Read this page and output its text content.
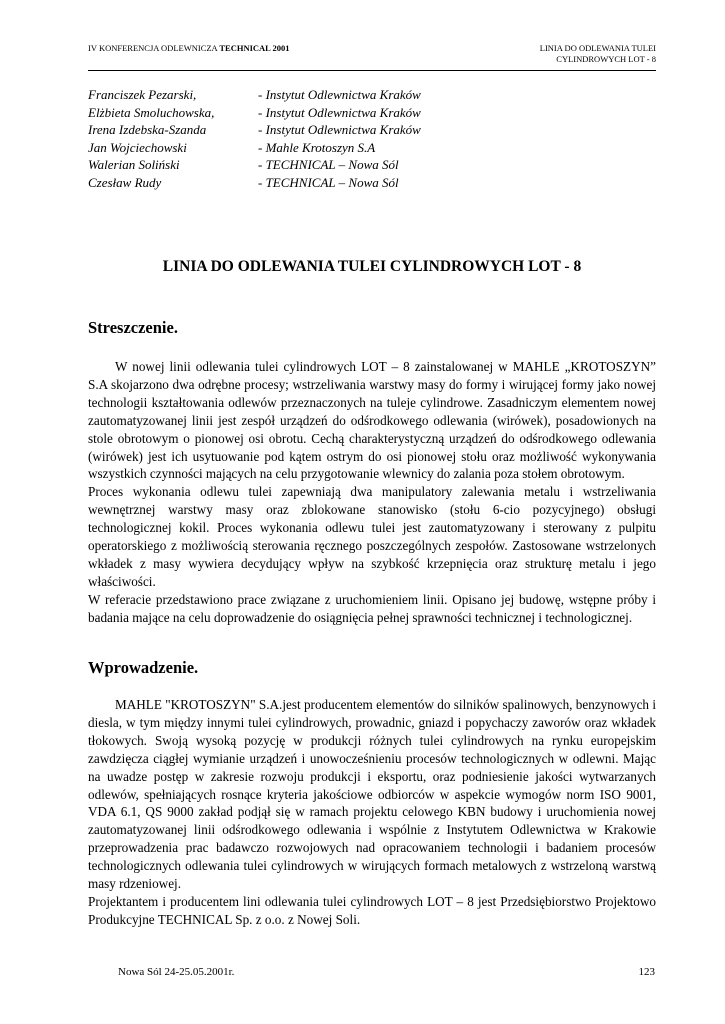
IV KONFERENCJA ODLEWNICZA TECHNICAL 2001	LINIA DO ODLEWANIA TULEI
CYLINDROWYCH LOT - 8
Franciszek Pezarski,	- Instytut Odlewnictwa Kraków
Elżbieta Smoluchowska,	- Instytut Odlewnictwa Kraków
Irena Izdebska-Szanda	- Instytut Odlewnictwa Kraków
Jan Wojciechowski	- Mahle Krotoszyn S.A
Walerian Soliński	- TECHNICAL – Nowa Sól
Czesław Rudy	- TECHNICAL – Nowa Sól
LINIA DO ODLEWANIA TULEI CYLINDROWYCH LOT - 8
Streszczenie.
W nowej linii odlewania tulei cylindrowych LOT – 8 zainstalowanej w MAHLE „KROTOSZYN” S.A skojarzono dwa odrębne procesy; wstrzeliwania warstwy masy do formy i wirującej formy jako nowej technologii kształtowania odlewów przeznaczonych na tuleje cylindrowe. Zasadniczym elementem nowej zautomatyzowanej linii jest zespół urządzeń do odśrodkowego odlewania (wirówek), posadowionych na stole obrotowym o pionowej osi obrotu. Cechą charakterystyczną urządzeń do odśrodkowego odlewania (wirówek) jest ich usytuowanie pod kątem ostrym do osi pionowej stołu oraz możliwość wykonywania wszystkich czynności mających na celu przygotowanie wlewnicy do zalania poza stołem obrotowym.
Proces wykonania odlewu tulei zapewniają dwa manipulatory zalewania metalu i wstrzeliwania wewnętrznej warstwy masy oraz zblokowane stanowisko (stołu 6-cio pozycyjnego) obsługi technologicznej kokil. Proces wykonania odlewu tulei jest zautomatyzowany i sterowany z pulpitu operatorskiego z możliwością sterowania ręcznego poszczególnych zespołów. Zastosowane wstrzelonych wkładek z masy wywiera decydujący wpływ na szybkość krzepnięcia oraz strukturę metalu i jego właściwości.
W referacie przedstawiono prace związane z uruchomieniem linii. Opisano jej budowę, wstępne próby i badania mające na celu doprowadzenie do osiągnięcia pełnej sprawności technicznej i technologicznej.
Wprowadzenie.
MAHLE "KROTOSZYN" S.A.jest producentem elementów do silników spalinowych, benzynowych i diesla, w tym między innymi tulei cylindrowych, prowadnic, gniazd i popychaczy zaworów oraz wkładek tłokowych. Swoją wysoką pozycję w produkcji różnych tulei cylindrowych na rynku europejskim zawdzięcza ciągłej wymianie urządzeń i unowocześnieniu procesów technologicznych w odlewni. Mając na uwadze postęp w zakresie rozwoju produkcji i eksportu, oraz podniesienie jakości wytwarzanych odlewów, spełniających rosnące kryteria jakościowe odbiorców w aspekcie wymogów norm ISO 9001, VDA 6.1, QS 9000 zakład podjął się w ramach projektu celowego KBN budowy i uruchomienia nowej zautomatyzowanej linii odśrodkowego odlewania i wspólnie z Instytutem Odlewnictwa w Krakowie przeprowadzenia prac badawczo rozwojowych nad opracowaniem technologii i badaniem procesów technologicznych odlewania tulei cylindrowych w wirujących formach metalowych z wstrzeloną warstwą masy rdzeniowej.
Projektantem i producentem lini odlewania tulei cylindrowych LOT – 8 jest Przedsiębiorstwo Projektowo Produkcyjne TECHNICAL Sp. z o.o. z Nowej Soli.
Nowa Sól 24-25.05.2001r.	123
